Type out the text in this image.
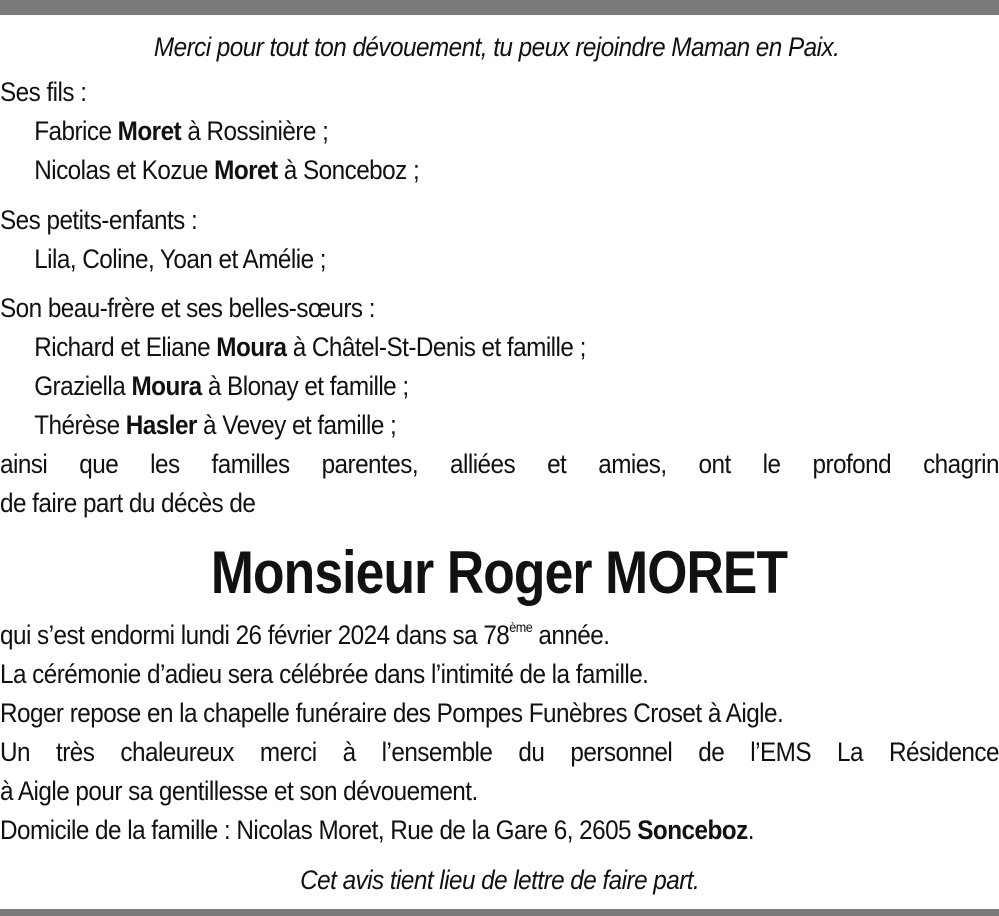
Merci pour tout ton dévouement, tu peux rejoindre Maman en Paix.
Ses fils :
Fabrice Moret à Rossinière ;
Nicolas et Kozue Moret à Sonceboz ;
Ses petits-enfants :
Lila, Coline, Yoan et Amélie ;
Son beau-frère et ses belles-sœurs :
Richard et Eliane Moura à Châtel-St-Denis et famille ;
Graziella Moura à Blonay et famille ;
Thérèse Hasler à Vevey et famille ;
ainsi que les familles parentes, alliées et amies, ont le profond chagrin
de faire part du décès de
qui s’est endormi lundi 26 février 2024 dans sa 78ème année.
La cérémonie d’adieu sera célébrée dans l’intimité de la famille.
Roger repose en la chapelle funéraire des Pompes Funèbres Croset à Aigle.
Un très chaleureux merci à l’ensemble du personnel de l’EMS La Résidence
à Aigle pour sa gentillesse et son dévouement.
Domicile de la famille : Nicolas Moret, Rue de la Gare 6, 2605 Sonceboz.
Monsieur Roger MORET
Cet avis tient lieu de lettre de faire part.
